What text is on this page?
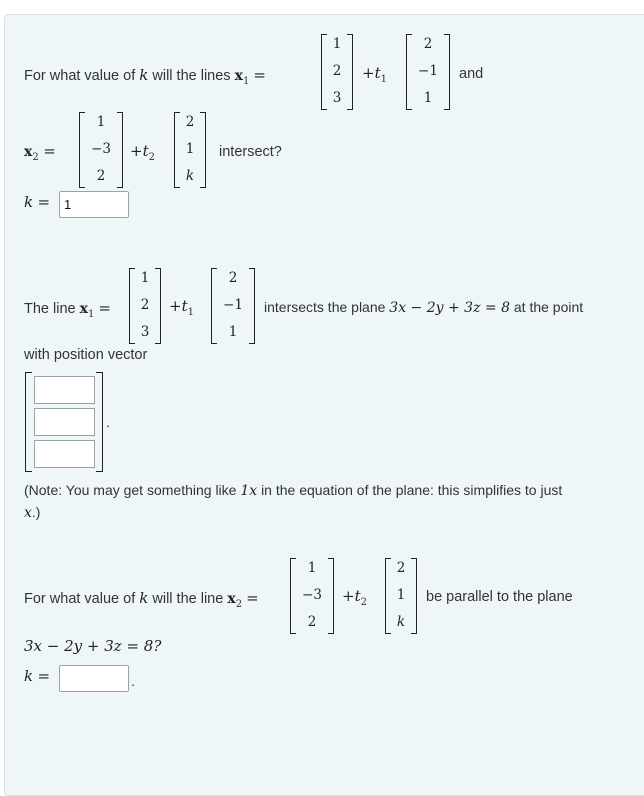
For what value of k will the lines $x_1$ =
1
2
3
$+t_1$
2
−1
1
and
$x_2$ =
1
−3
2
$+t_2$
2
1
k
intersect?
k =
1
The line $x_1$ =
1
2
3
$+t_1$
2
−1
1
intersects the plane 3x − 2y + 3z = 8 at the point
with position vector
.
(Note: You may get something like 1x in the equation of the plane: this simplifies to just
x.)
For what value of k will the line $x_2$ =
1
−3
2
$+t_2$
2
1
k
be parallel to the plane
3x − 2y + 3z = 8?
k =	.
